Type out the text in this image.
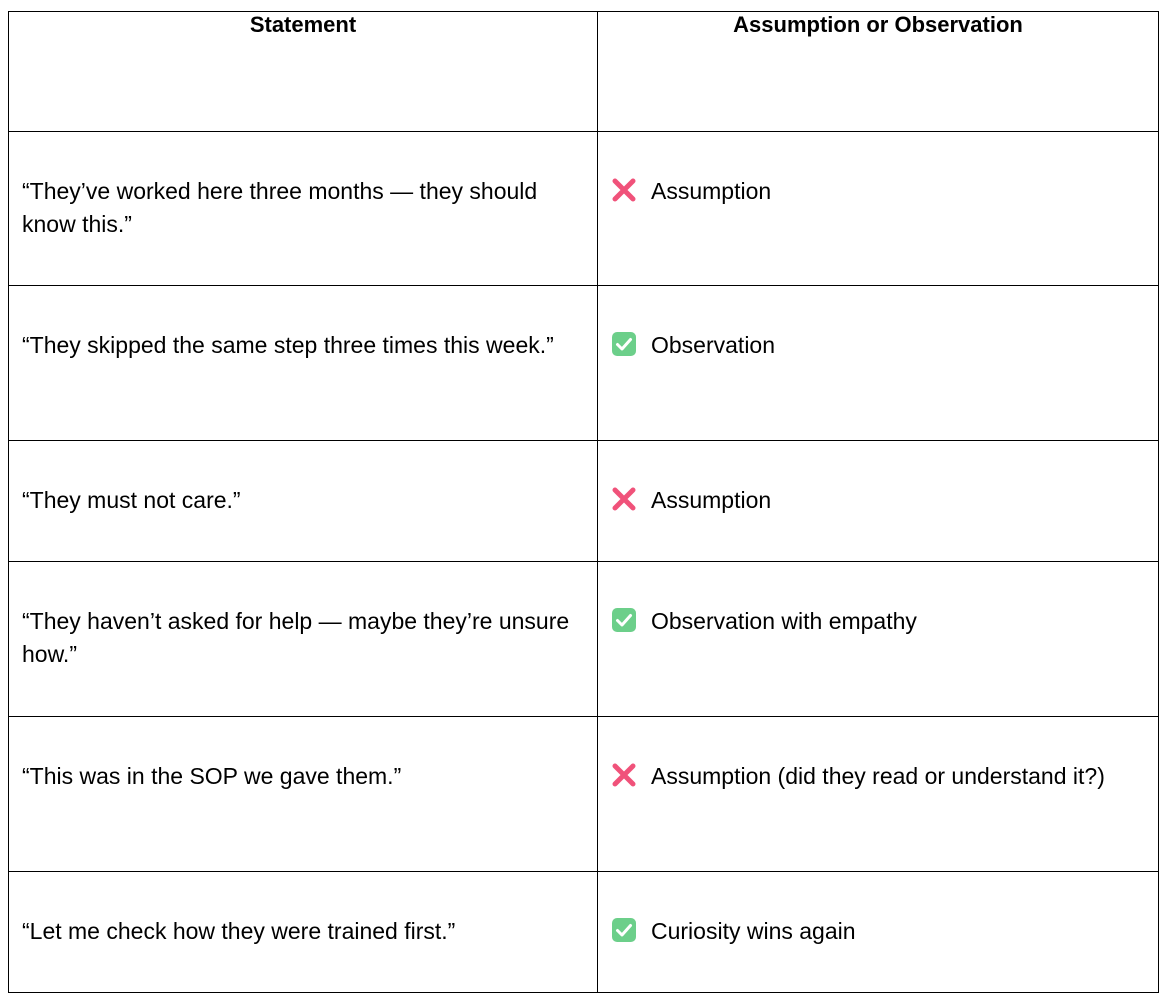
Statement	Assumption or Observation

“They’ve worked here three months — they should know this.”	Assumption

“They skipped the same step three times this week.”	Observation

“They must not care.”	Assumption

“They haven’t asked for help — maybe they’re unsure how.”	Observation with empathy

“This was in the SOP we gave them.”	Assumption (did they read or understand it?)

“Let me check how they were trained first.”	Curiosity wins again
